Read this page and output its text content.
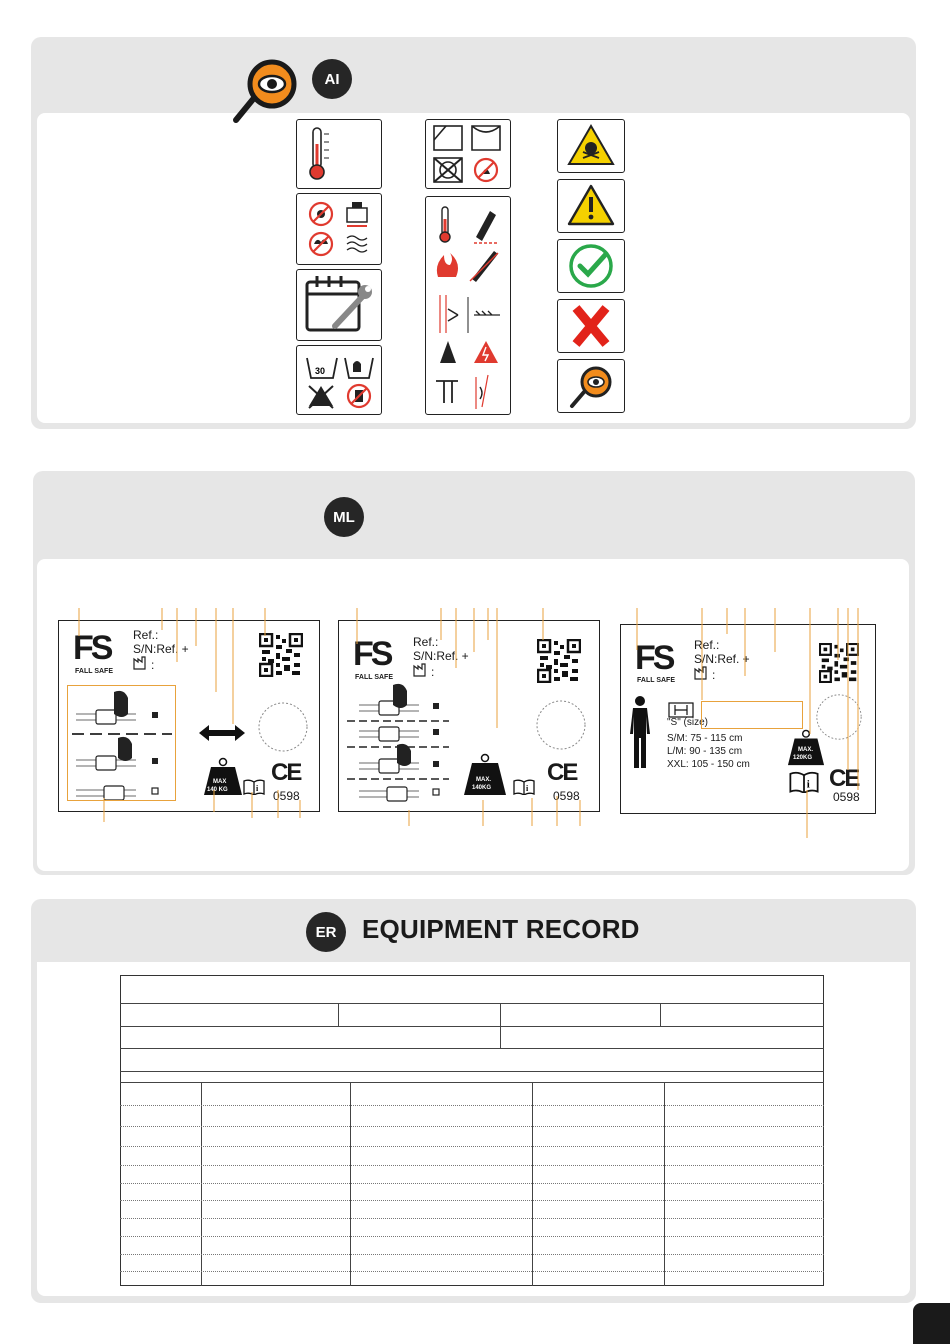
AI
30
ML
FS
FALL SAFE
Ref.:
S/N:Ref. +
:
MAX
140 KG	i
CE
0598
FS
FALL SAFE
Ref.:
S/N:Ref. +
:
MAX.
140KG	i
CE
0598
FS
FALL SAFE
Ref.:
S/N:Ref. +
:
"S" (size)
S/M: 75 - 115 cm
L/M: 90 - 135 cm
XXL: 105 - 150 cm
MAX.
120KG
i CE
0598
ER EQUIPMENT RECORD
